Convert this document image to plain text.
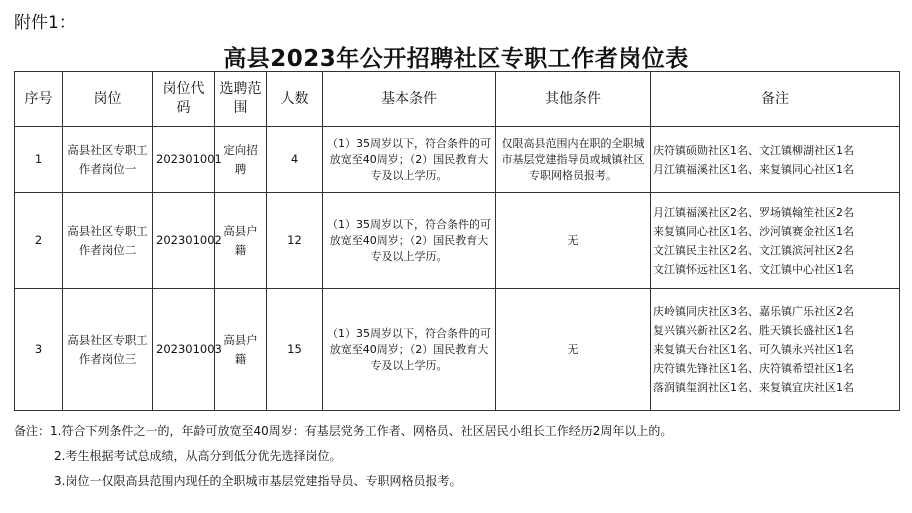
附件1：
高县2023年公开招聘社区专职工作者岗位表
序号	岗位	岗位代码	选聘范围	人数	基本条件	其他条件	备注
1	高县社区专职工作者岗位一	202301001	定向招聘	4	（1）35周岁以下，符合条件的可放宽至40周岁；（2）国民教育大专及以上学历。	仅限高县范围内在职的全职城市基层党建指导员或城镇社区专职网格员报考。	庆符镇硕勋社区1名、文江镇柳湖社区1名
月江镇福溪社区1名、来复镇同心社区1名

2	高县社区专职工作者岗位二	202301002	高县户籍	12	（1）35周岁以下，符合条件的可放宽至40周岁；（2）国民教育大专及以上学历。	无	月江镇福溪社区2名、罗场镇翰笙社区2名
来复镇同心社区1名、沙河镇赛金社区1名
文江镇民主社区2名、文江镇滨河社区2名
文江镇怀远社区1名、文江镇中心社区1名

3	高县社区专职工作者岗位三	202301003	高县户籍	15	（1）35周岁以下，符合条件的可放宽至40周岁；（2）国民教育大专及以上学历。	无	庆岭镇同庆社区3名、嘉乐镇广乐社区2名
复兴镇兴新社区2名、胜天镇长盛社区1名
来复镇天台社区1名、可久镇永兴社区1名
庆符镇先锋社区1名、庆符镇希望社区1名
落润镇玺润社区1名、来复镇宜庆社区1名
备注：1.符合下列条件之一的，年龄可放宽至40周岁：有基层党务工作者、网格员、社区居民小组长工作经历2周年以上的。
2.考生根据考试总成绩，从高分到低分优先选择岗位。
3.岗位一仅限高县范围内现任的全职城市基层党建指导员、专职网格员报考。
